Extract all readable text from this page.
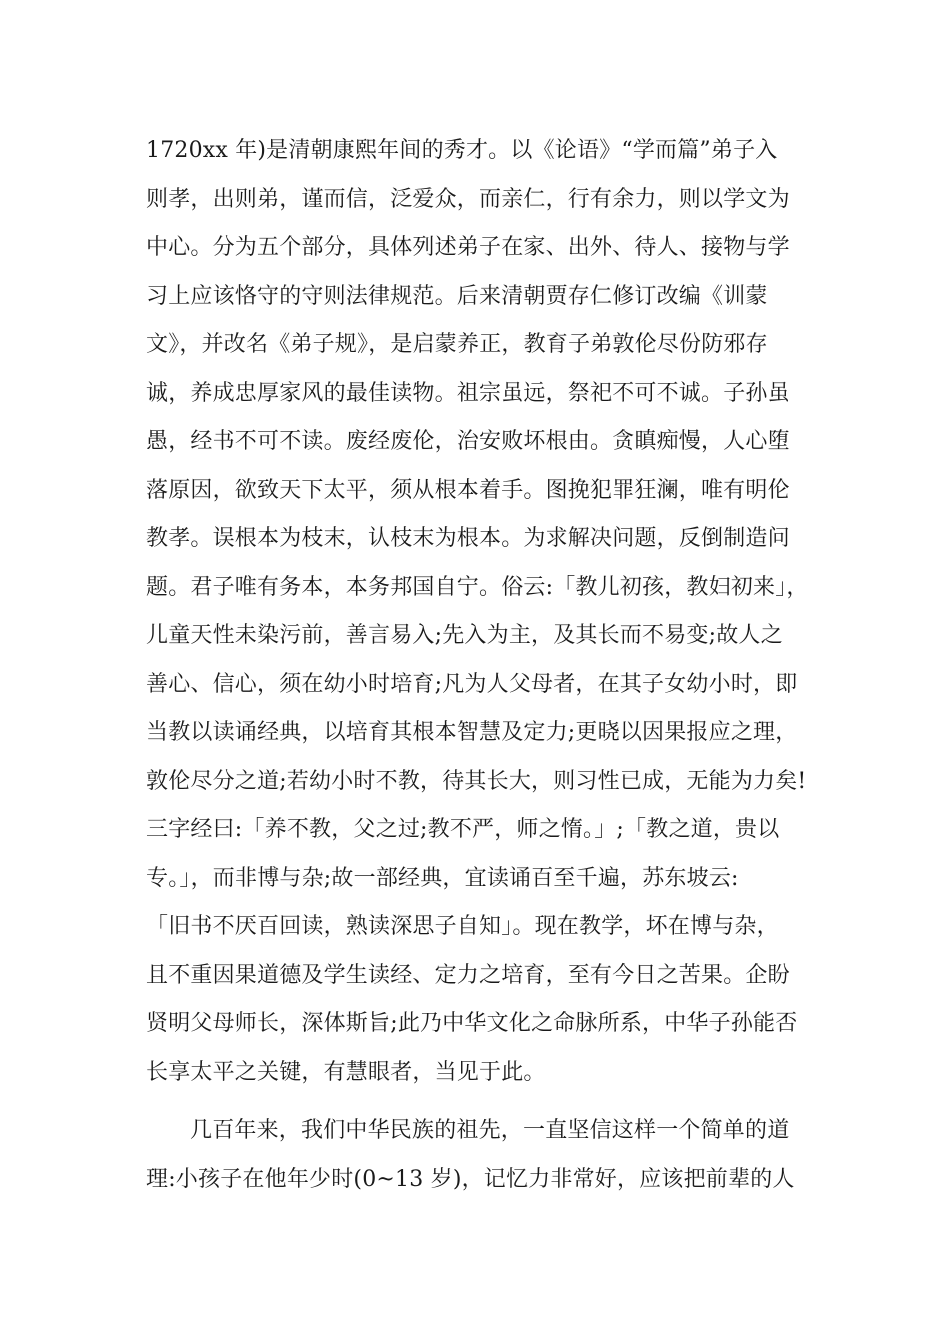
1720xx 年)是清朝康熙年间的秀才。以《论语》“学而篇”弟子入
则孝，出则弟，谨而信，泛爱众，而亲仁，行有余力，则以学文为
中心。分为五个部分，具体列述弟子在家、出外、待人、接物与学
习上应该恪守的守则法律规范。后来清朝贾存仁修订改编《训蒙
文》，并改名《弟子规》，是启蒙养正，教育子弟敦伦尽份防邪存
诚，养成忠厚家风的最佳读物。祖宗虽远，祭祀不可不诚。子孙虽
愚，经书不可不读。废经废伦，治安败坏根由。贪瞋痴慢，人心堕
落原因，欲致天下太平，须从根本着手。图挽犯罪狂澜，唯有明伦
教孝。误根本为枝末，认枝末为根本。为求解决问题，反倒制造问
题。君子唯有务本，本务邦国自宁。俗云:「教儿初孩，教妇初来」，
儿童天性未染污前，善言易入;先入为主，及其长而不易变;故人之
善心、信心，须在幼小时培育;凡为人父母者，在其子女幼小时，即
当教以读诵经典，以培育其根本智慧及定力;更晓以因果报应之理，
敦伦尽分之道;若幼小时不教，待其长大，则习性已成，无能为力矣!
三字经曰:「养不教，父之过;教不严，师之惰。」;「教之道，贵以
专。」，而非博与杂;故一部经典，宜读诵百至千遍，苏东坡云:
「旧书不厌百回读，熟读深思子自知」。现在教学，坏在博与杂，
且不重因果道德及学生读经、定力之培育，至有今日之苦果。企盼
贤明父母师长，深体斯旨;此乃中华文化之命脉所系，中华子孙能否
长享太平之关键，有慧眼者，当见于此。
几百年来，我们中华民族的祖先，一直坚信这样一个简单的道
理:小孩子在他年少时(0~13 岁)，记忆力非常好，应该把前辈的人
